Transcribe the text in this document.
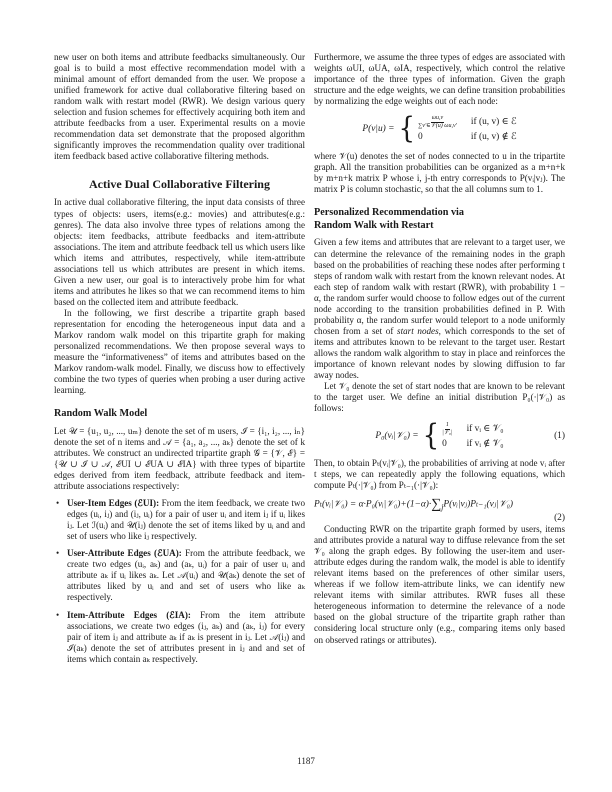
new user on both items and attribute feedbacks simultaneously. Our goal is to build a most effective recommendation model with a minimal amount of effort demanded from the user. We propose a unified framework for active dual collaborative filtering based on random walk with restart model (RWR). We design various query selection and fusion schemes for effectively acquiring both item and attribute feedbacks from a user. Experimental results on a movie recommendation data set demonstrate that the proposed algorithm significantly improves the recommendation quality over traditional item feedback based active collaborative filtering methods.

Active Dual Collaborative Filtering

In active dual collaborative filtering, the input data consists of three types of objects: users, items(e.g.: movies) and attributes(e.g.: genres). The data also involve three types of relations among the objects: item feedbacks, attribute feedbacks and item-attribute associations. The item and attribute feedback tell us which users like which items and attributes, respectively, while item-attribute associations tell us which attributes are present in which items. Given a new user, our goal is to interactively probe him for what items and attributes he likes so that we can recommend items to him based on the collected item and attribute feedback.

In the following, we first describe a tripartite graph based representation for encoding the heterogeneous input data and a Markov random walk model on this tripartite graph for making personalized recommendations. We then propose several ways to measure the “informativeness” of items and attributes based on the Markov random-walk model. Finally, we discuss how to effectively combine the two types of queries when probing a user during active learning.

Random Walk Model

Let 𝒰 = {u₁, u₂, ..., uₘ} denote the set of m users, ℐ = {i₁, i₂, ..., iₙ} denote the set of n items and 𝒜 = {a₁, a₂, ..., aₖ} denote the set of k attributes. We construct an undirected tripartite graph 𝒢 = {𝒱, ℰ} = {𝒰 ∪ ℐ ∪ 𝒜, ℰUI ∪ ℰUA ∪ ℰIA} with three types of bipartite edges derived from item feedback, attribute feedback and item-attribute associations respectively:

• User-Item Edges (ℰUI): From the item feedback, we create two edges (uᵢ, iⱼ) and (iⱼ, uᵢ) for a pair of user uᵢ and item iⱼ if uᵢ likes iⱼ. Let ℐ(uᵢ) and 𝒰(iⱼ) denote the set of items liked by uᵢ and and set of users who like iⱼ respectively.
• User-Attribute Edges (ℰUA): From the attribute feedback, we create two edges (uᵢ, aₖ) and (aₖ, uᵢ) for a pair of user uᵢ and attribute aₖ if uᵢ likes aₖ. Let 𝒜(uᵢ) and 𝒰(aₖ) denote the set of attributes liked by uᵢ and and set of users who like aₖ respectively.
• Item-Attribute Edges (ℰIA): From the item attribute associations, we create two edges (iⱼ, aₖ) and (aₖ, iⱼ) for every pair of item iⱼ and attribute aₖ if aₖ is present in iⱼ. Let 𝒜(iⱼ) and ℐ(aₖ) denote the set of attributes present in iⱼ and and set of items which contain aₖ respectively.

Furthermore, we assume the three types of edges are associated with weights ωUI, ωUA, ωIA, respectively, which control the relative importance of the three types of information. Given the graph structure and the edge weights, we can define transition probabilities by normalizing the edge weights out of each node:

P(v|u) = { $\frac{\omega u,v}{\text{∑v′∈𝒱(u) ωu,v′}}$ if (u, v) ∈ ℰ
0	if (u, v) ∉ ℰ

where 𝒱(u) denotes the set of nodes connected to u in the tripartite graph. All the transition probabilities can be organized as a m+n+k by m+n+k matrix P whose i, j-th entry corresponds to P(vᵢ|vⱼ). The matrix P is column stochastic, so that the all columns sum to 1.

Personalized Recommendation via
Random Walk with Restart

Given a few items and attributes that are relevant to a target user, we can determine the relevance of the remaining nodes in the graph based on the probabilities of reaching these nodes after performing t steps of random walk with restart from the known relevant nodes. At each step of random walk with restart (RWR), with probability 1 − α, the random surfer would choose to follow edges out of the current node according to the transition probabilities defined in P. With probability α, the random surfer would teleport to a node uniformly chosen from a set of start nodes, which corresponds to the set of items and attributes known to be relevant to the target user. Restart allows the random walk algorithm to stay in place and reinforces the importance of known relevant nodes by slowing diffusion to far away nodes.

Let 𝒱₀ denote the set of start nodes that are known to be relevant to the target user. We define an initial distribution P₀(·|𝒱₀) as follows:

P₀(vᵢ|𝒱₀) = { $\frac{1}{\text{|𝒱₀|}}$ if vᵢ ∈ 𝒱₀
0	if vᵢ ∉ 𝒱₀
(1)

Then, to obtain Pₜ(vᵢ|𝒱₀), the probabilities of arriving at node vᵢ after t steps, we can repeatedly apply the following equations, which compute Pₜ(·|𝒱₀) from Pₜ₋₁(·|𝒱₀):

Pₜ(vᵢ|𝒱₀) = $\alpha\cdot P_0(vᵢ|𝒱_0)+(1-\alpha)\cdot\sum_jP(vᵢ|vⱼ)P_{t-1}(vⱼ|𝒱_0)$
(2)

Conducting RWR on the tripartite graph formed by users, items and attributes provide a natural way to diffuse relevance from the set 𝒱₀ along the graph edges. By following the user-item and user-attribute edges during the random walk, the model is able to identify relevant items based on the preferences of other similar users, whereas if we follow item-attribute links, we can identify new relevant items with similar attributes. RWR fuses all these heterogeneous information to determine the relevance of a node based on the global structure of the tripartite graph rather than considering local structure only (e.g., comparing items only based on observed ratings or attributes).

1187
